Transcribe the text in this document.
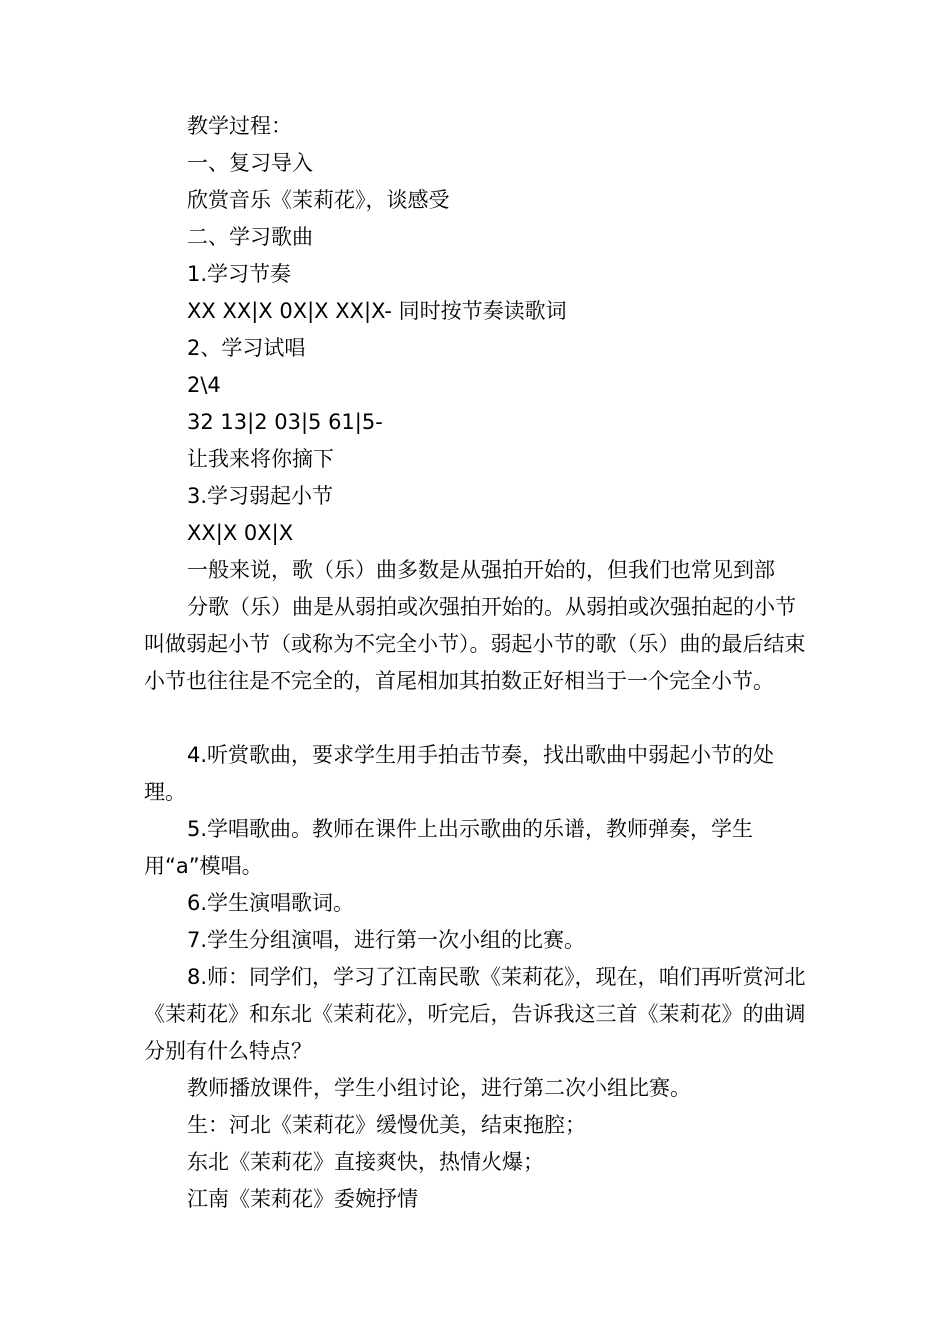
教学过程：
一、复习导入
欣赏音乐《茉莉花》，谈感受
二、学习歌曲
1.学习节奏
XX XX|X 0X|X XX|X- 同时按节奏读歌词
2、学习试唱
2\4
32 13|2 03|5 61|5-
让我来将你摘下
3.学习弱起小节
XX|X 0X|X
一般来说，歌（乐）曲多数是从强拍开始的，但我们也常见到部
分歌（乐）曲是从弱拍或次强拍开始的。从弱拍或次强拍起的小节叫做弱起小节（或称为不完全小节）。弱起小节的歌（乐）曲的最后结束小节也往往是不完全的，首尾相加其拍数正好相当于一个完全小节。
4.听赏歌曲，要求学生用手拍击节奏，找出歌曲中弱起小节的处理。
5.学唱歌曲。教师在课件上出示歌曲的乐谱，教师弹奏，学生用“a”模唱。
6.学生演唱歌词。
7.学生分组演唱，进行第一次小组的比赛。
8.师：同学们，学习了江南民歌《茉莉花》，现在，咱们再听赏河北《茉莉花》和东北《茉莉花》，听完后，告诉我这三首《茉莉花》的曲调分别有什么特点？
教师播放课件，学生小组讨论，进行第二次小组比赛。
生：河北《茉莉花》缓慢优美，结束拖腔；
东北《茉莉花》直接爽快，热情火爆；
江南《茉莉花》委婉抒情
